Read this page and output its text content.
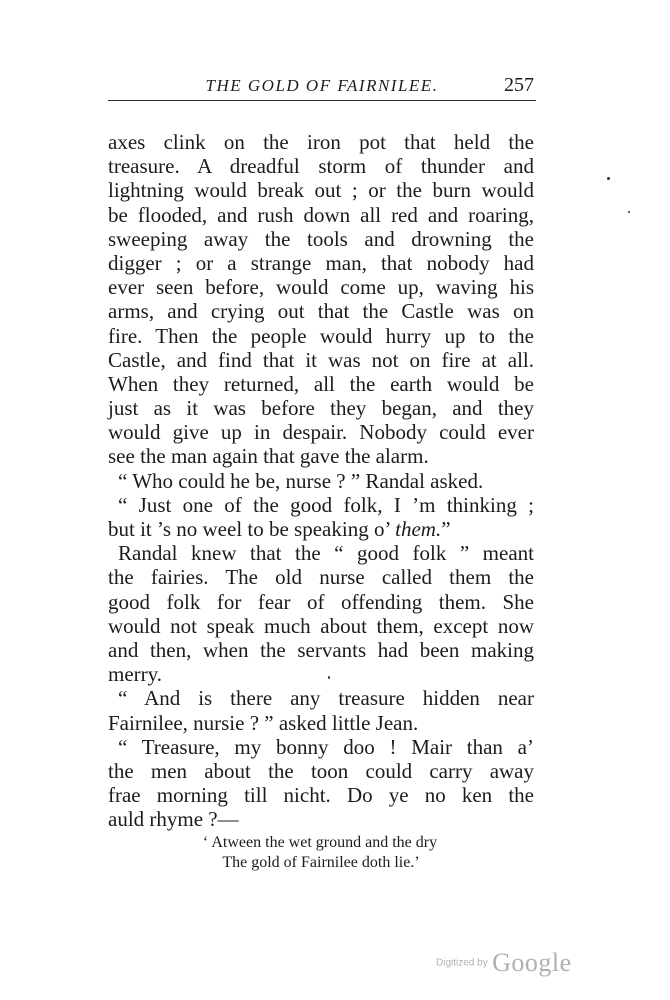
THE GOLD OF FAIRNILEE.	257
axes clink on the iron pot that held the
treasure. A dreadful storm of thunder and
lightning would break out ; or the burn would
be flooded, and rush down all red and roaring,
sweeping away the tools and drowning the
digger ; or a strange man, that nobody had
ever seen before, would come up, waving his
arms, and crying out that the Castle was on
fire. Then the people would hurry up to the
Castle, and find that it was not on fire at all.
When they returned, all the earth would be
just as it was before they began, and they
would give up in despair. Nobody could ever
see the man again that gave the alarm.
“ Who could he be, nurse ? ” Randal asked.
“ Just one of the good folk, I ’m thinking ;
but it ’s no weel to be speaking o’ them.”
Randal knew that the “ good folk ” meant
the fairies. The old nurse called them the
good folk for fear of offending them. She
would not speak much about them, except now
and then, when the servants had been making
merry.
“ And is there any treasure hidden near
Fairnilee, nursie ? ” asked little Jean.
“ Treasure, my bonny doo ! Mair than a’
the men about the toon could carry away
frae morning till nicht. Do ye no ken the
auld rhyme ?—
‘ Atween the wet ground and the dry
The gold of Fairnilee doth lie.’
Digitized by Google
